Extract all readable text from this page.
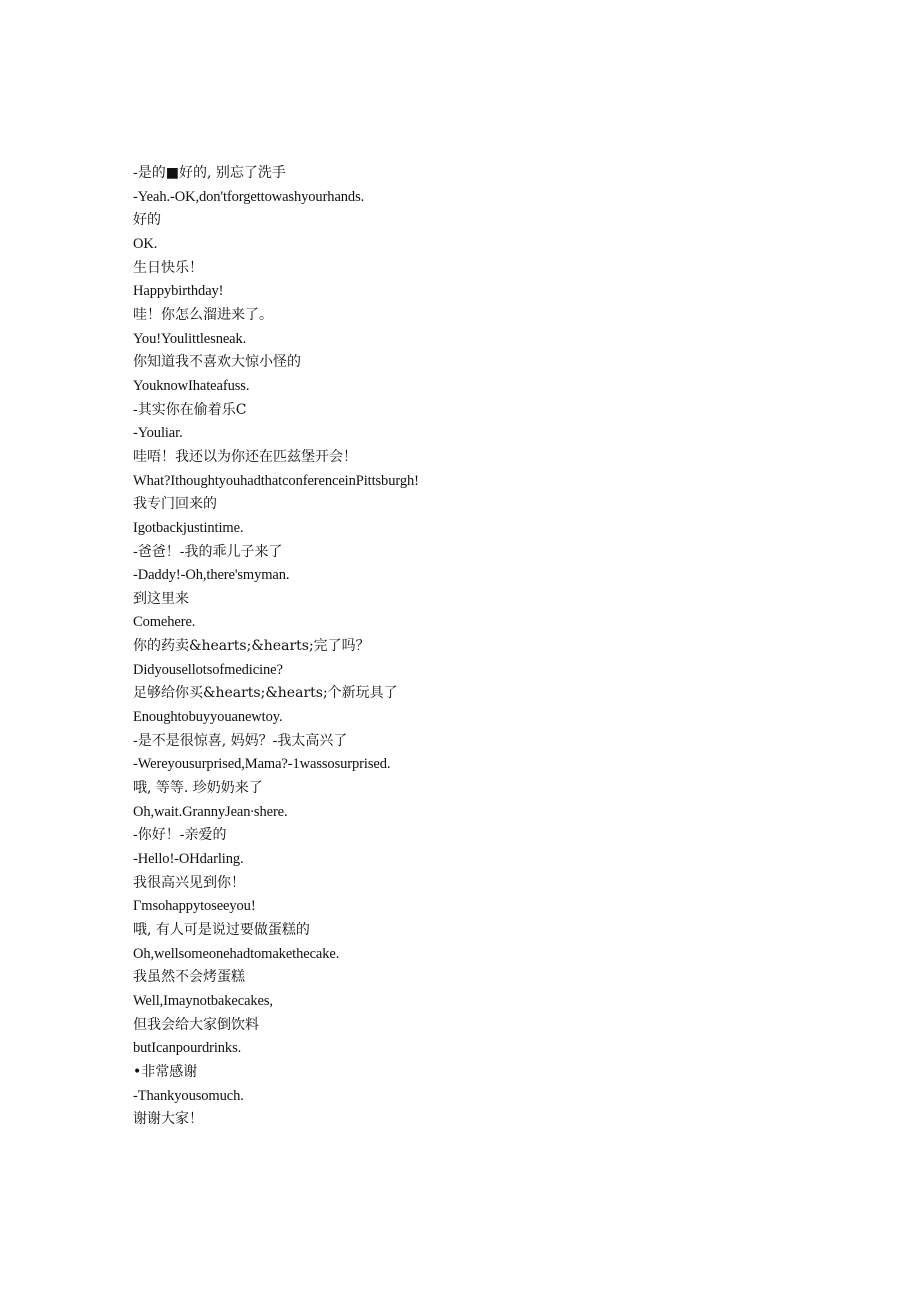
-是的■好的, 别忘了洗手
-Yeah.-OK,don'tforgettowashyourhands.
好的
OK.
生日快乐！
Happybirthday!
哇！你怎么溜进来了。
You!Youlittlesneak.
你知道我不喜欢大惊小怪的
YouknowIhateafuss.
-其实你在偷着乐C
-Youliar.
哇唔！我还以为你还在匹兹堡开会！
What?IthoughtyouhadthatconferenceinPittsburgh!
我专门回来的
Igotbackjustintime.
-爸爸！-我的乖儿子来了
-Daddy!-Oh,there'smyman.
到这里来
Comehere.
你的药卖&hearts;&hearts;完了吗？
Didyousellotsofmedicine?
足够给你买&hearts;&hearts;个新玩具了
Enoughtobuyyouanewtoy.
-是不是很惊喜, 妈妈？-我太高兴了
-Wereyousurprised,Mama?-1wassosurprised.
哦, 等等. 珍奶奶来了
Oh,wait.GrannyJean∙shere.
-你好！-亲爱的
-Hello!-OHdarling.
我很高兴见到你！
Γmsohappytoseeyou!
哦, 有人可是说过要做蛋糕的
Oh,wellsomeonehadtomakethecake.
我虽然不会烤蛋糕
Well,Imaynotbakecakes,
但我会给大家倒饮料
butIcanpourdrinks.
•非常感谢
-Thankyousomuch.
谢谢大家！
